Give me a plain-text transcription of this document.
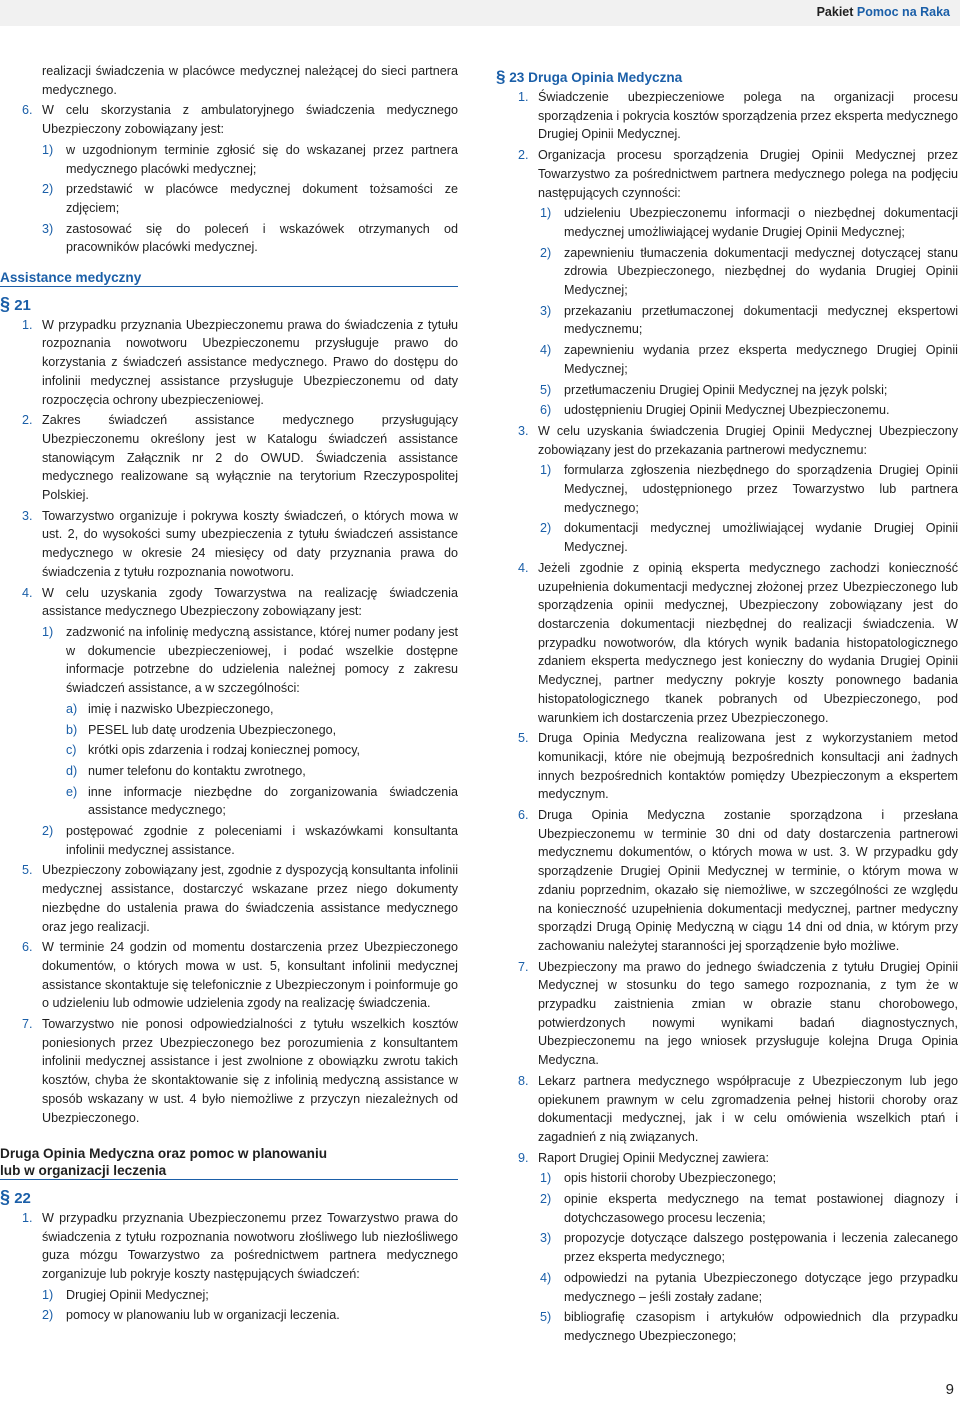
Pakiet Pomoc na Raka
realizacji świadczenia w placówce medycznej należącej do sieci partnera medycznego.
6. W celu skorzystania z ambulatoryjnego świadczenia medycznego Ubezpieczony zobowiązany jest:
1)	w uzgodnionym terminie zgłosić się do wskazanej przez partnera medycznego placówki medycznej;
2)	przedstawić w placówce medycznej dokument tożsamości ze zdjęciem;
3)	zastosować się do poleceń i wskazówek otrzymanych od pracowników placówki medycznej.
Assistance medyczny
§ 21
1. W przypadku przyznania Ubezpieczonemu prawa do świadczenia z tytułu rozpoznania nowotworu Ubezpieczonemu przysługuje prawo do korzystania z świadczeń assistance medycznego. Prawo do dostępu do infolinii medycznej assistance przysługuje Ubezpieczonemu od daty rozpoczęcia ochrony ubezpieczeniowej.
2. Zakres świadczeń assistance medycznego przysługujący Ubezpieczonemu określony jest w Katalogu świadczeń assistance stanowiącym Załącznik nr 2 do OWUD. Świadczenia assistance medycznego realizowane są wyłącznie na terytorium Rzeczypospolitej Polskiej.
3. Towarzystwo organizuje i pokrywa koszty świadczeń, o których mowa w ust. 2, do wysokości sumy ubezpieczenia z tytułu świadczeń assistance medycznego w okresie 24 miesięcy od daty przyznania prawa do świadczenia z tytułu rozpoznania nowotworu.
4. W celu uzyskania zgody Towarzystwa na realizację świadczenia assistance medycznego Ubezpieczony zobowiązany jest:
1)	zadzwonić na infolinię medyczną assistance, której numer podany jest w dokumencie ubezpieczeniowej, i podać wszelkie dostępne informacje potrzebne do udzielenia należnej pomocy z zakresu świadczeń assistance, a w szczególności:
a) imię i nazwisko Ubezpieczonego,
b) PESEL lub datę urodzenia Ubezpieczonego,
c) krótki opis zdarzenia i rodzaj koniecznej pomocy,
d) numer telefonu do kontaktu zwrotnego,
e) inne informacje niezbędne do zorganizowania świadczenia assistance medycznego;
2)	postępować zgodnie z poleceniami i wskazówkami konsultanta infolinii medycznej assistance.
5. Ubezpieczony zobowiązany jest, zgodnie z dyspozycją konsultanta infolinii medycznej assistance, dostarczyć wskazane przez niego dokumenty niezbędne do ustalenia prawa do świadczenia assistance medycznego oraz jego realizacji.
6. W terminie 24 godzin od momentu dostarczenia przez Ubezpieczonego dokumentów, o których mowa w ust. 5, konsultant infolinii medycznej assistance skontaktuje się telefonicznie z Ubezpieczonym i poinformuje go o udzieleniu lub odmowie udzielenia zgody na realizację świadczenia.
7. Towarzystwo nie ponosi odpowiedzialności z tytułu wszelkich kosztów poniesionych przez Ubezpieczonego bez porozumienia z konsultantem infolinii medycznej assistance i jest zwolnione z obowiązku zwrotu takich kosztów, chyba że skontaktowanie się z infolinią medyczną assistance w sposób wskazany w ust. 4 było niemożliwe z przyczyn niezależnych od Ubezpieczonego.
Druga Opinia Medyczna oraz pomoc w planowaniu
lub w organizacji leczenia
§ 22
1. W przypadku przyznania Ubezpieczonemu przez Towarzystwo prawa do świadczenia z tytułu rozpoznania nowotworu złośliwego lub niezłośliwego guza mózgu Towarzystwo za pośrednictwem partnera medycznego zorganizuje lub pokryje koszty następujących świadczeń:
1)	Drugiej Opinii Medycznej;
2)	pomocy w planowaniu lub w organizacji leczenia.
§ 23 Druga Opinia Medyczna
1. Świadczenie ubezpieczeniowe polega na organizacji procesu sporządzenia i pokrycia kosztów sporządzenia przez eksperta medycznego Drugiej Opinii Medycznej.
2. Organizacja procesu sporządzenia Drugiej Opinii Medycznej przez Towarzystwo za pośrednictwem partnera medycznego polega na podjęciu następujących czynności:
1)	udzieleniu Ubezpieczonemu informacji o niezbędnej dokumentacji medycznej umożliwiającej wydanie Drugiej Opinii Medycznej;
2)	zapewnieniu tłumaczenia dokumentacji medycznej dotyczącej stanu zdrowia Ubezpieczonego, niezbędnej do wydania Drugiej Opinii Medycznej;
3)	przekazaniu przetłumaczonej dokumentacji medycznej ekspertowi medycznemu;
4)	zapewnieniu wydania przez eksperta medycznego Drugiej Opinii Medycznej;
5)	przetłumaczeniu Drugiej Opinii Medycznej na język polski;
6)	udostępnieniu Drugiej Opinii Medycznej Ubezpieczonemu.
3. W celu uzyskania świadczenia Drugiej Opinii Medycznej Ubezpieczony zobowiązany jest do przekazania partnerowi medycznemu:
1)	formularza zgłoszenia niezbędnego do sporządzenia Drugiej Opinii Medycznej, udostępnionego przez Towarzystwo lub partnera medycznego;
2)	dokumentacji medycznej umożliwiającej wydanie Drugiej Opinii Medycznej.
4. Jeżeli zgodnie z opinią eksperta medycznego zachodzi konieczność uzupełnienia dokumentacji medycznej złożonej przez Ubezpieczonego lub sporządzenia opinii medycznej, Ubezpieczony zobowiązany jest do dostarczenia dokumentacji niezbędnej do realizacji świadczenia. W przypadku nowotworów, dla których wynik badania histopatologicznego zdaniem eksperta medycznego jest konieczny do wydania Drugiej Opinii Medycznej, partner medyczny pokryje koszty ponownego badania histopatologicznego tkanek pobranych od Ubezpieczonego, pod warunkiem ich dostarczenia przez Ubezpieczonego.
5. Druga Opinia Medyczna realizowana jest z wykorzystaniem metod komunikacji, które nie obejmują bezpośrednich konsultacji ani żadnych innych bezpośrednich kontaktów pomiędzy Ubezpieczonym a ekspertem medycznym.
6. Druga Opinia Medyczna zostanie sporządzona i przesłana Ubezpieczonemu w terminie 30 dni od daty dostarczenia partnerowi medycznemu dokumentów, o których mowa w ust. 3. W przypadku gdy sporządzenie Drugiej Opinii Medycznej w terminie, o którym mowa w zdaniu poprzednim, okazało się niemożliwe, w szczególności ze względu na konieczność uzupełnienia dokumentacji medycznej, partner medyczny sporządzi Drugą Opinię Medyczną w ciągu 14 dni od dnia, w którym przy zachowaniu należytej staranności jej sporządzenie było możliwe.
7. Ubezpieczony ma prawo do jednego świadczenia z tytułu Drugiej Opinii Medycznej w stosunku do tego samego rozpoznania, z tym że w przypadku zaistnienia zmian w obrazie stanu chorobowego, potwierdzonych nowymi wynikami badań diagnostycznych, Ubezpieczonemu na jego wniosek przysługuje kolejna Druga Opinia Medyczna.
8. Lekarz partnera medycznego współpracuje z Ubezpieczonym lub jego opiekunem prawnym w celu zgromadzenia pełnej historii choroby oraz dokumentacji medycznej, jak i w celu omówienia wszelkich ptań i zagadnień z nią związanych.
9. Raport Drugiej Opinii Medycznej zawiera:
1)	opis historii choroby Ubezpieczonego;
2)	opinie eksperta medycznego na temat postawionej diagnozy i dotychczasowego procesu leczenia;
3)	propozycje dotyczące dalszego postępowania i leczenia zalecanego przez eksperta medycznego;
4)	odpowiedzi na pytania Ubezpieczonego dotyczące jego przypadku medycznego – jeśli zostały zadane;
5)	bibliografię czasopism i artykułów odpowiednich dla przypadku medycznego Ubezpieczonego;
9
